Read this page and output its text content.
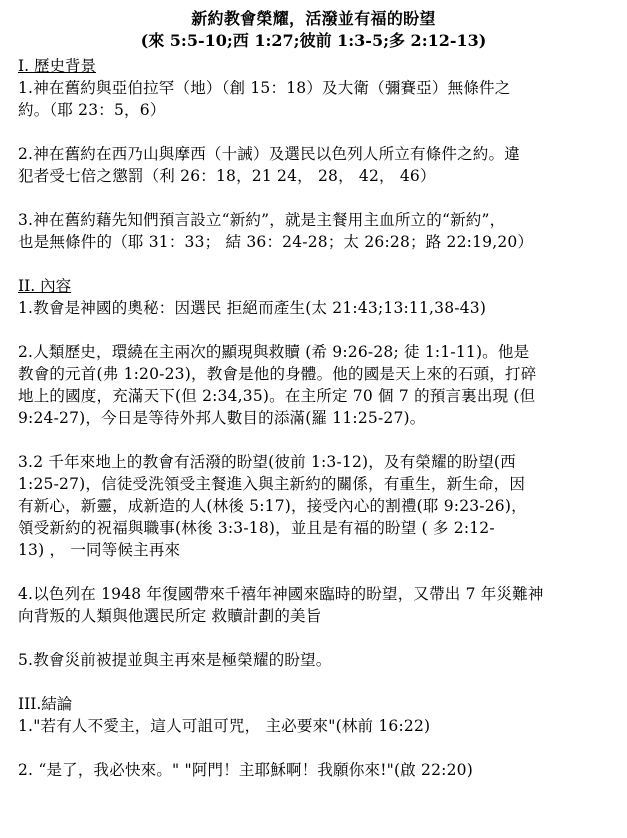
新約教會榮耀，活潑並有福的盼望
(來 5:5-10;西 1:27;彼前 1:3-5;多 2:12-13)
I. 歷史背景
1.神在舊約與亞伯拉罕（地）（創 15：18）及大衛（彌賽亞）無條件之
約。（耶 23：5，6）
2.神在舊約在西乃山與摩西（十誡）及選民以色列人所立有條件之約。違
犯者受七倍之懲罰（利 26：18，21 24， 28， 42， 46）
3.神在舊約藉先知們預言設立“新約”，就是主餐用主血所立的“新約”，
也是無條件的（耶 31：33； 結 36：24-28；太 26:28；路 22:19,20）
II. 內容
1.教會是神國的奧秘：因選民 拒絕而產生(太 21:43;13:11,38-43)
2.人類歷史，環繞在主兩次的顯現與救贖 (希 9:26-28; 徒 1:1-11)。他是
教會的元首(弗 1:20-23)，教會是他的身體。他的國是天上來的石頭，打碎
地上的國度，充滿天下(但 2:34,35)。在主所定 70 個 7 的預言裏出現 (但
9:24-27)，今日是等待外邦人數目的添滿(羅 11:25-27)。
3.2 千年來地上的教會有活潑的盼望(彼前 1:3-12)，及有榮耀的盼望(西
1:25-27)，信徒受洗領受主餐進入與主新約的關係，有重生，新生命，因
有新心，新靈，成新造的人(林後 5:17)，接受內心的割禮(耶 9:23-26)，
領受新約的祝福與職事(林後 3:3-18)，並且是有福的盼望 ( 多 2:12-
13) ， 一同等候主再來
4.以色列在 1948 年復國帶來千禧年神國來臨時的盼望，又帶出 7 年災難神
向背叛的人類與他選民所定 救贖計劃的美旨
5.教會災前被提並與主再來是極榮耀的盼望。
III.結論
1."若有人不愛主，這人可詛可咒， 主必要來"(林前 16:22)
2. “是了，我必快來。" "阿門！主耶穌啊！我願你來!"(啟 22:20)
